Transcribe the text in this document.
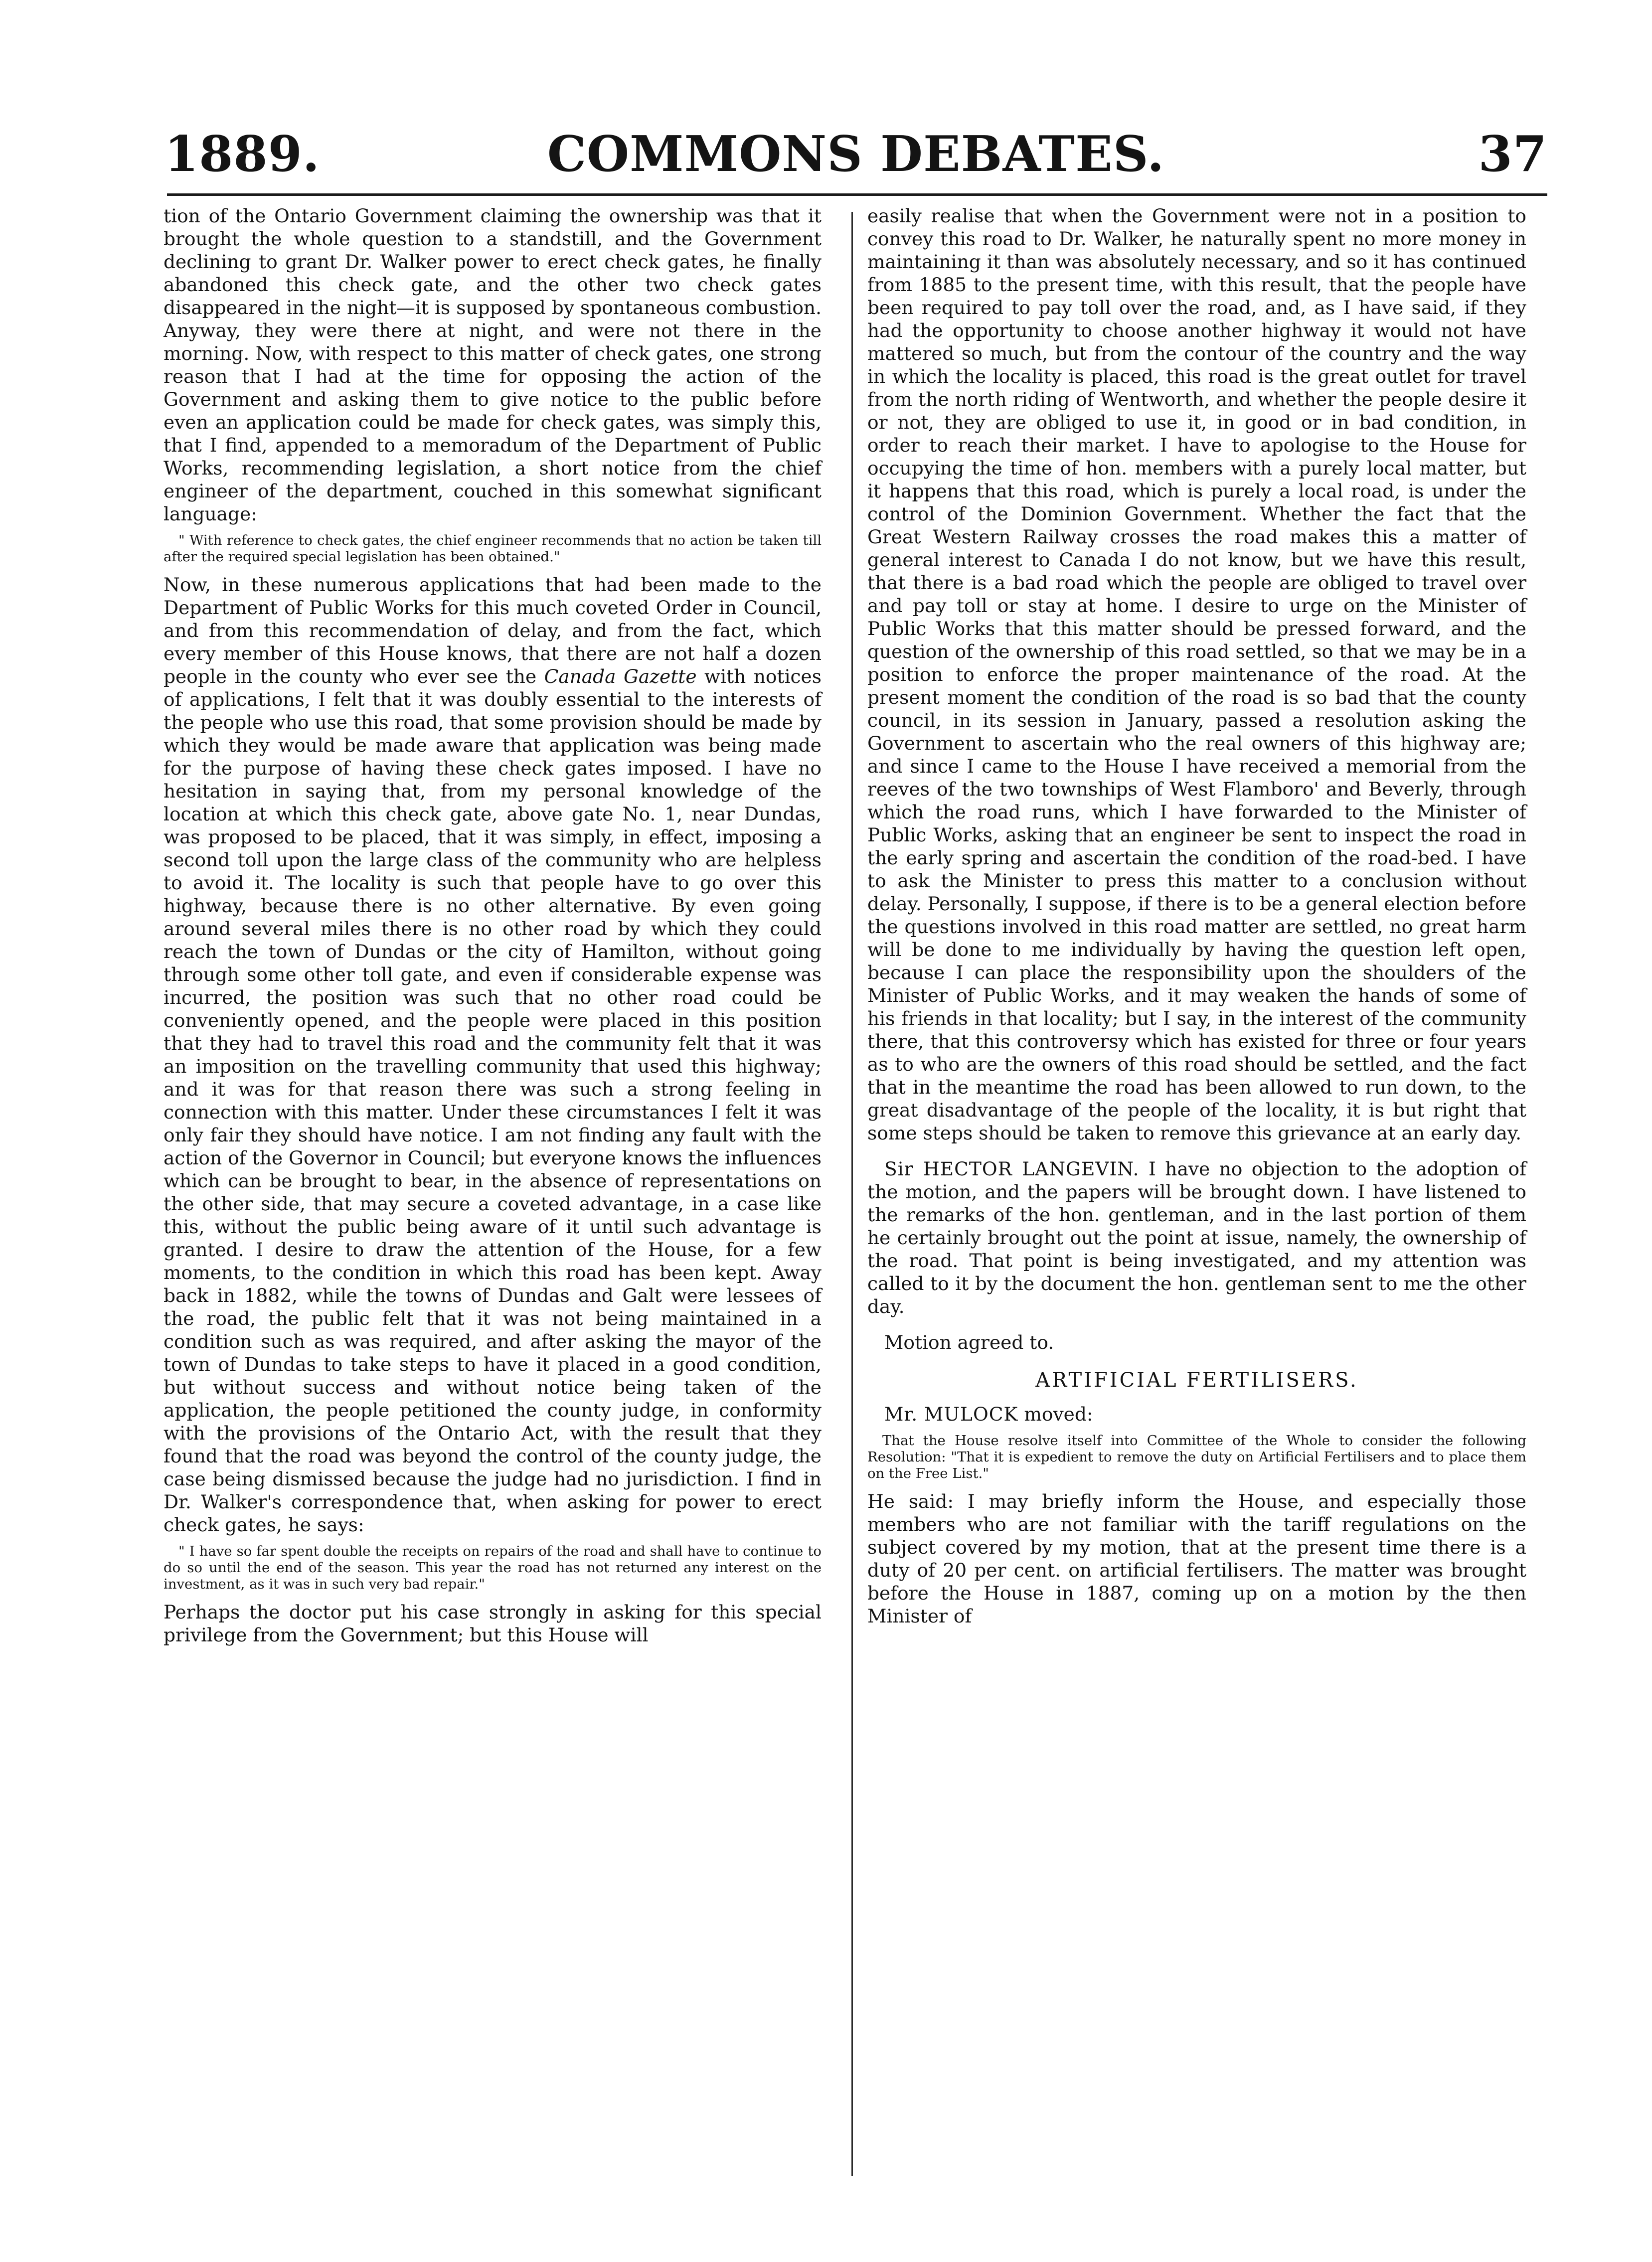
1889.	COMMONS DEBATES.	37

tion of the Ontario Government claiming the ownership was that it brought the whole question to a standstill, and the Government declining to grant Dr. Walker power to erect check gates, he finally abandoned this check gate, and the other two check gates disappeared in the night—it is supposed by spontaneous combustion. Anyway, they were there at night, and were not there in the morning. Now, with respect to this matter of check gates, one strong reason that I had at the time for opposing the action of the Government and asking them to give notice to the public before even an application could be made for check gates, was simply this, that I find, appended to a memoradum of the Department of Public Works, recommending legislation, a short notice from the chief engineer of the department, couched in this somewhat significant language:

" With reference to check gates, the chief engineer recommends that no action be taken till after the required special legislation has been obtained."

Now, in these numerous applications that had been made to the Department of Public Works for this much coveted Order in Council, and from this recommendation of delay, and from the fact, which every member of this House knows, that there are not half a dozen people in the county who ever see the Canada Gazette with notices of applications, I felt that it was doubly essential to the interests of the people who use this road, that some provision should be made by which they would be made aware that application was being made for the purpose of having these check gates imposed. I have no hesitation in saying that, from my personal knowledge of the location at which this check gate, above gate No. 1, near Dundas, was proposed to be placed, that it was simply, in effect, imposing a second toll upon the large class of the community who are helpless to avoid it. The locality is such that people have to go over this highway, because there is no other alternative. By even going around several miles there is no other road by which they could reach the town of Dundas or the city of Hamilton, without going through some other toll gate, and even if considerable expense was incurred, the position was such that no other road could be conveniently opened, and the people were placed in this position that they had to travel this road and the community felt that it was an imposition on the travelling community that used this highway; and it was for that reason there was such a strong feeling in connection with this matter. Under these circumstances I felt it was only fair they should have notice. I am not finding any fault with the action of the Governor in Council; but everyone knows the influences which can be brought to bear, in the absence of representations on the other side, that may secure a coveted advantage, in a case like this, without the public being aware of it until such advantage is granted. I desire to draw the attention of the House, for a few moments, to the condition in which this road has been kept. Away back in 1882, while the towns of Dundas and Galt were lessees of the road, the public felt that it was not being maintained in a condition such as was required, and after asking the mayor of the town of Dundas to take steps to have it placed in a good condition, but without success and without notice being taken of the application, the people petitioned the county judge, in conformity with the provisions of the Ontario Act, with the result that they found that the road was beyond the control of the county judge, the case being dismissed because the judge had no jurisdiction. I find in Dr. Walker's correspondence that, when asking for power to erect check gates, he says:

" I have so far spent double the receipts on repairs of the road and shall have to continue to do so until the end of the season. This year the road has not returned any interest on the investment, as it was in such very bad repair."

Perhaps the doctor put his case strongly in asking for this special privilege from the Government; but this House will

easily realise that when the Government were not in a position to convey this road to Dr. Walker, he naturally spent no more money in maintaining it than was absolutely necessary, and so it has continued from 1885 to the present time, with this result, that the people have been required to pay toll over the road, and, as I have said, if they had the opportunity to choose another highway it would not have mattered so much, but from the contour of the country and the way in which the locality is placed, this road is the great outlet for travel from the north riding of Wentworth, and whether the people desire it or not, they are obliged to use it, in good or in bad condition, in order to reach their market. I have to apologise to the House for occupying the time of hon. members with a purely local matter, but it happens that this road, which is purely a local road, is under the control of the Dominion Government. Whether the fact that the Great Western Railway crosses the road makes this a matter of general interest to Canada I do not know, but we have this result, that there is a bad road which the people are obliged to travel over and pay toll or stay at home. I desire to urge on the Minister of Public Works that this matter should be pressed forward, and the question of the ownership of this road settled, so that we may be in a position to enforce the proper maintenance of the road. At the present moment the condition of the road is so bad that the county council, in its session in January, passed a resolution asking the Government to ascertain who the real owners of this highway are; and since I came to the House I have received a memorial from the reeves of the two townships of West Flamboro' and Beverly, through which the road runs, which I have forwarded to the Minister of Public Works, asking that an engineer be sent to inspect the road in the early spring and ascertain the condition of the road-bed. I have to ask the Minister to press this matter to a conclusion without delay. Personally, I suppose, if there is to be a general election before the questions involved in this road matter are settled, no great harm will be done to me individually by having the question left open, because I can place the responsibility upon the shoulders of the Minister of Public Works, and it may weaken the hands of some of his friends in that locality; but I say, in the interest of the community there, that this controversy which has existed for three or four years as to who are the owners of this road should be settled, and the fact that in the meantime the road has been allowed to run down, to the great disadvantage of the people of the locality, it is but right that some steps should be taken to remove this grievance at an early day.

Sir HECTOR LANGEVIN. I have no objection to the adoption of the motion, and the papers will be brought down. I have listened to the remarks of the hon. gentleman, and in the last portion of them he certainly brought out the point at issue, namely, the ownership of the road. That point is being investigated, and my attention was called to it by the document the hon. gentleman sent to me the other day.

Motion agreed to.

ARTIFICIAL FERTILISERS.

Mr. MULOCK moved:

That the House resolve itself into Committee of the Whole to consider the following Resolution: "That it is expedient to remove the duty on Artificial Fertilisers and to place them on the Free List."

He said: I may briefly inform the House, and especially those members who are not familiar with the tariff regulations on the subject covered by my motion, that at the present time there is a duty of 20 per cent. on artificial fertilisers. The matter was brought before the House in 1887, coming up on a motion by the then Minister of
